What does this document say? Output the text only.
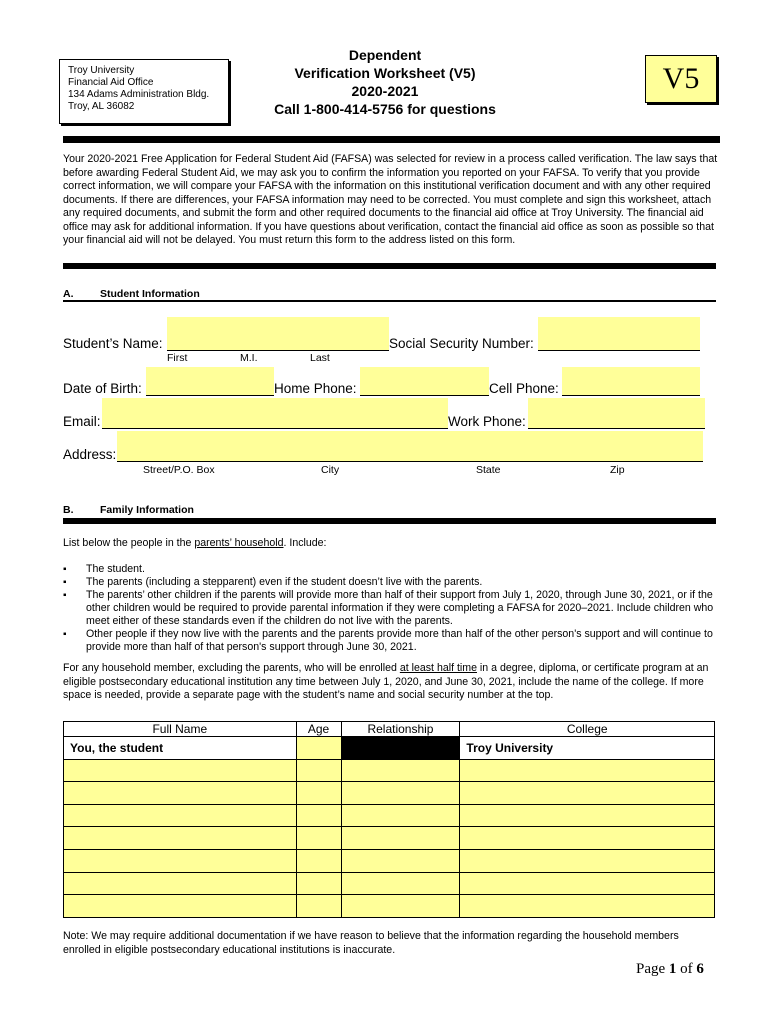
Troy University
Financial Aid Office
134 Adams Administration Bldg.
Troy, AL 36082
Dependent
Verification Worksheet (V5)
2020-2021
Call 1-800-414-5756 for questions
V5
Your 2020-2021 Free Application for Federal Student Aid (FAFSA) was selected for review in a process called verification. The law says that before awarding Federal Student Aid, we may ask you to confirm the information you reported on your FAFSA. To verify that you provide correct information, we will compare your FAFSA with the information on this institutional verification document and with any other required documents. If there are differences, your FAFSA information may need to be corrected. You must complete and sign this worksheet, attach any required documents, and submit the form and other required documents to the financial aid office at Troy University. The financial aid office may ask for additional information. If you have questions about verification, contact the financial aid office as soon as possible so that your financial aid will not be delayed. You must return this form to the address listed on this form.
A.	Student Information
Student’s Name:	Social Security Number:
First	M.I.	Last
Date of Birth:	Home Phone:	Cell Phone:
Email:	Work Phone:
Address:
Street/P.O. Box	City	State	Zip
B.	Family Information
List below the people in the parents’ household. Include:
▪ The student.
▪ The parents (including a stepparent) even if the student doesn’t live with the parents.
▪ The parents’ other children if the parents will provide more than half of their support from July 1, 2020, through June 30, 2021, or if the other children would be required to provide parental information if they were completing a FAFSA for 2020–2021. Include children who meet either of these standards even if the children do not live with the parents.
▪ Other people if they now live with the parents and the parents provide more than half of the other person's support and will continue to provide more than half of that person's support through June 30, 2021.
For any household member, excluding the parents, who will be enrolled at least half time in a degree, diploma, or certificate program at an eligible postsecondary educational institution any time between July 1, 2020, and June 30, 2021, include the name of the college. If more space is needed, provide a separate page with the student’s name and social security number at the top.
Full Name	Age	Relationship	College
You, the student			Troy University

Note: We may require additional documentation if we have reason to believe that the information regarding the household members enrolled in eligible postsecondary educational institutions is inaccurate.
Page 1 of 6
